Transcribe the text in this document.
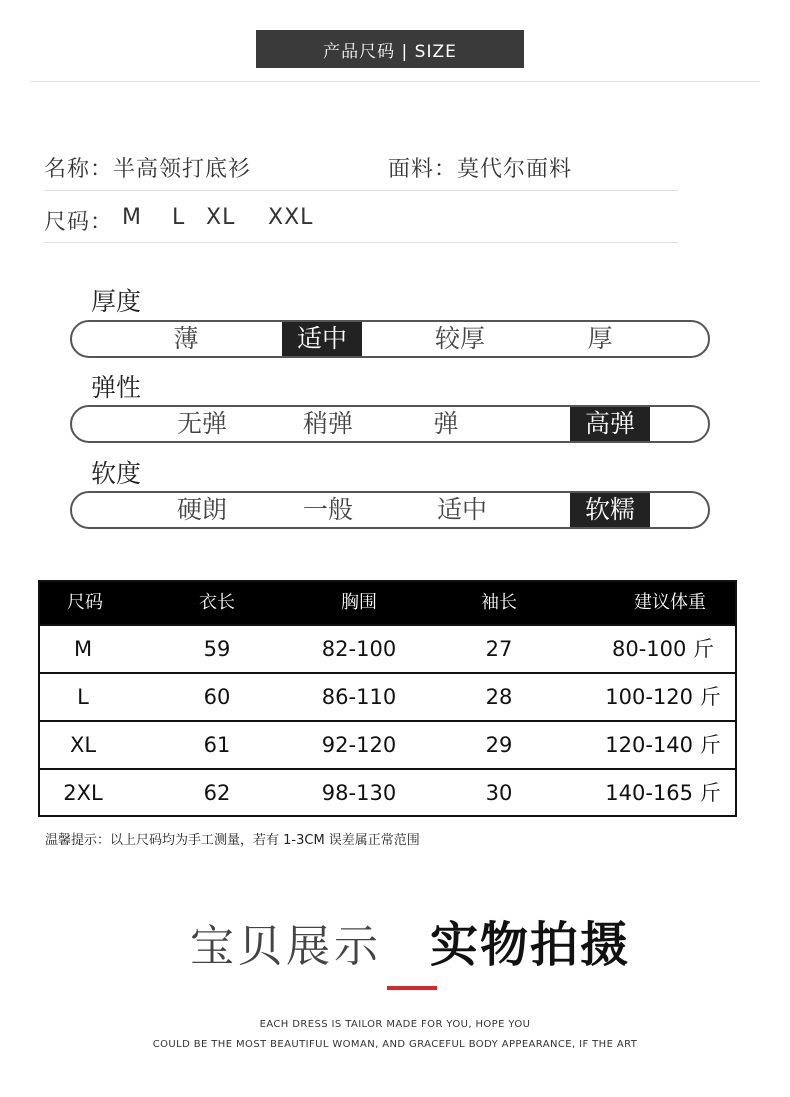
产品尺码 | SIZE
名称：半高领打底衫	面料：莫代尔面料
尺码： M L XL XXL
厚度
薄	适中	较厚	厚
弹性
无弹	稍弹	弹	高弹
软度
硬朗	一般	适中	软糯
尺码	衣长	胸围	袖长	建议体重
M	59	82-100	27	80-100 斤
L	60	86-110	28	100-120 斤
XL	61	92-120	29	120-140 斤
2XL	62	98-130	30	140-165 斤
温馨提示：以上尺码均为手工测量，若有 1-3CM 误差属正常范围
宝贝展示 实物拍摄
EACH DRESS IS TAILOR MADE FOR YOU, HOPE YOU
COULD BE THE MOST BEAUTIFUL WOMAN, AND GRACEFUL BODY APPEARANCE, IF THE ART
